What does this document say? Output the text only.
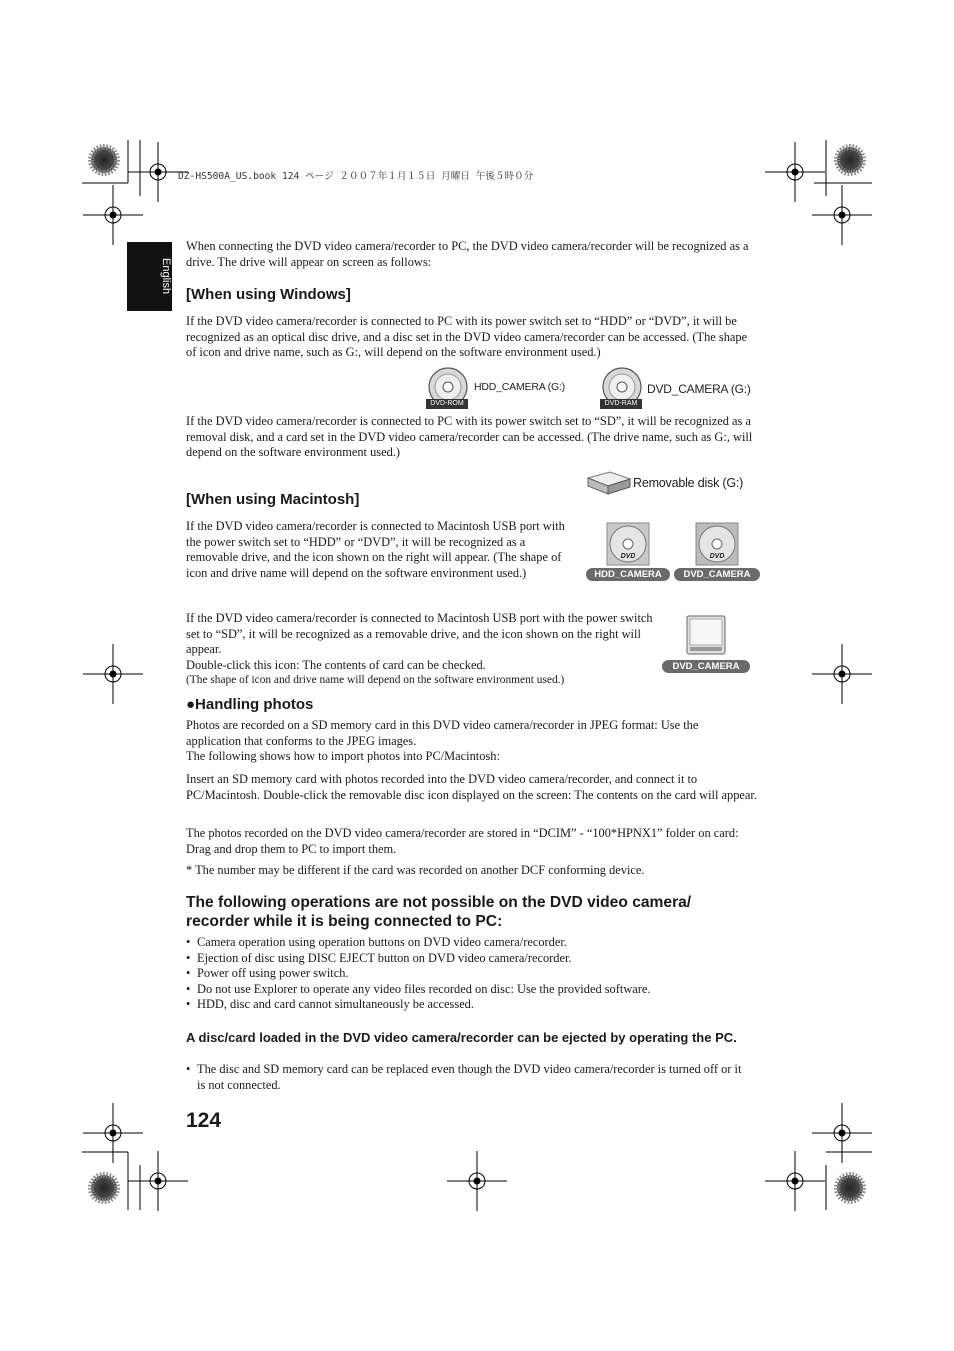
DZ-HS500A_US.book 124 ページ ２００７年１月１５日 月曜日 午後５時０分
English

When connecting the DVD video camera/recorder to PC, the DVD video camera/recorder will be recognized as a drive. The drive will appear on screen as follows:

[When using Windows]

If the DVD video camera/recorder is connected to PC with its power switch set to “HDD” or “DVD”, it will be recognized as an optical disc drive, and a disc set in the DVD video camera/recorder can be accessed. (The shape of icon and drive name, such as G:, will depend on the software environment used.)

DVD-ROM
HDD_CAMERA (G:)
DVD-RAM
DVD_CAMERA (G:)

If the DVD video camera/recorder is connected to PC with its power switch set to “SD”, it will be recognized as a removal disk, and a card set in the DVD video camera/recorder can be accessed. (The drive name, such as G:, will depend on the software environment used.)

Removable disk (G:)
[When using Macintosh]

If the DVD video camera/recorder is connected to Macintosh USB port with the power switch set to “HDD” or “DVD”, it will be recognized as a removable drive, and the icon shown on the right will appear. (The shape of icon and drive name will depend on the software environment used.)

DVD
HDD_CAMERA
DVD
DVD_CAMERA

If the DVD video camera/recorder is connected to Macintosh USB port with the power switch set to “SD”, it will be recognized as a removable drive, and the icon shown on the right will appear.

Double-click this icon: The contents of card can be checked.

(The shape of icon and drive name will depend on the software environment used.)

DVD_CAMERA
●Handling photos

Photos are recorded on a SD memory card in this DVD video camera/recorder in JPEG format: Use the application that conforms to the JPEG images.

The following shows how to import photos into PC/Macintosh:

Insert an SD memory card with photos recorded into the DVD video camera/recorder, and connect it to PC/Macintosh. Double-click the removable disc icon displayed on the screen: The contents on the card will appear.

The photos recorded on the DVD video camera/recorder are stored in “DCIM” - “100*HPNX1” folder on card: Drag and drop them to PC to import them.

* The number may be different if the card was recorded on another DCF conforming device.

The following operations are not possible on the DVD video camera/ recorder while it is being connected to PC:
• Camera operation using operation buttons on DVD video camera/recorder.
• Ejection of disc using DISC EJECT button on DVD video camera/recorder.
• Power off using power switch.
• Do not use Explorer to operate any video files recorded on disc: Use the provided software.
• HDD, disc and card cannot simultaneously be accessed.
A disc/card loaded in the DVD video camera/recorder can be ejected by operating the PC.
• The disc and SD memory card can be replaced even though the DVD video camera/recorder is turned off or it is not connected.
124
